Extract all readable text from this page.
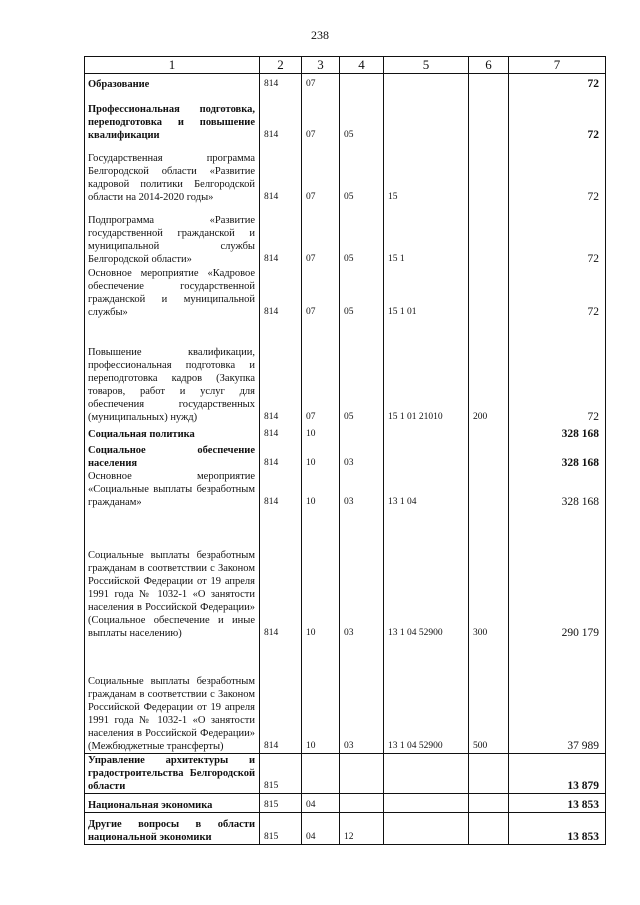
238
1	2	3	4	5	6	7
Образование	814	07				72
Профессиональная подготовка, переподготовка и повышение квалификации	814	07	05			72
Государственная программа Белгородской области «Развитие кадровой политики Белгородской области на 2014-2020 годы»	814	07	05	15		72
Подпрограмма «Развитие государственной гражданской и муниципальной службы Белгородской области»	814	07	05	15 1		72
Основное мероприятие «Кадровое обеспечение государственной гражданской и муниципальной службы»	814	07	05	15 1 01		72
Повышение квалификации, профессиональная подготовка и переподготовка кадров (Закупка товаров, работ и услуг для обеспечения государственных (муниципальных) нужд)	814	07	05	15 1 01 21010	200	72
Социальная политика	814	10				328 168
Социальное обеспечение населения	814	10	03			328 168
Основное мероприятие «Социальные выплаты безработным гражданам»	814	10	03	13 1 04		328 168
Социальные выплаты безработным гражданам в соответствии с Законом Российской Федерации от 19 апреля 1991 года № 1032-1 «О занятости населения в Российской Федерации» (Социальное обеспечение и иные выплаты населению)	814	10	03	13 1 04 52900	300	290 179
Социальные выплаты безработным гражданам в соответствии с Законом Российской Федерации от 19 апреля 1991 года № 1032-1 «О занятости населения в Российской Федерации» (Межбюджетные трансферты)	814	10	03	13 1 04 52900	500	37 989
Управление архитектуры и градостроительства Белгородской области	815					13 879
Национальная экономика	815	04				13 853
Другие вопросы в области национальной экономики	815	04	12			13 853
